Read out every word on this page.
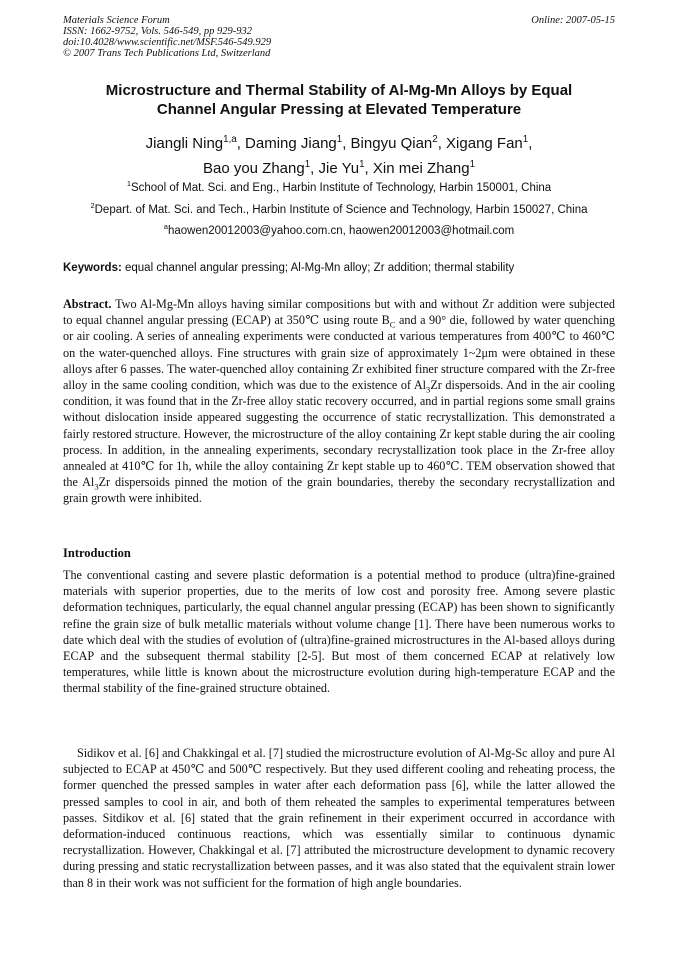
Materials Science Forum
ISSN: 1662-9752, Vols. 546-549, pp 929-932
doi:10.4028/www.scientific.net/MSF.546-549.929
© 2007 Trans Tech Publications Ltd, Switzerland
Online: 2007-05-15
Microstructure and Thermal Stability of Al-Mg-Mn Alloys by Equal
Channel Angular Pressing at Elevated Temperature
Jiangli Ning$^{1,a}$, Daming Jiang$^1$, Bingyu Qian$^2$, Xigang Fan$^1$,
Bao you Zhang$^1$, Jie Yu$^1$, Xin mei Zhang$^1$
$^1$School of Mat. Sci. and Eng., Harbin Institute of Technology, Harbin 150001, China
$^2$Depart. of Mat. Sci. and Tech., Harbin Institute of Science and Technology, Harbin 150027, China
$^a$haowen20012003@yahoo.com.cn, haowen20012003@hotmail.com
Keywords: equal channel angular pressing; Al-Mg-Mn alloy; Zr addition; thermal stability
Abstract. Two Al-Mg-Mn alloys having similar compositions but with and without Zr addition were subjected to equal channel angular pressing (ECAP) at 350℃ using route $B_C$ and a 90° die, followed by water quenching or air cooling. A series of annealing experiments were conducted at various temperatures from 400℃ to 460℃ on the water-quenched alloys. Fine structures with grain size of approximately 1~2μm were obtained in these alloys after 6 passes. The water-quenched alloy containing Zr exhibited finer structure compared with the Zr-free alloy in the same cooling condition, which was due to the existence of $Al_3Zr$ dispersoids. And in the air cooling condition, it was found that in the Zr-free alloy static recovery occurred, and in partial regions some small grains without dislocation inside appeared suggesting the occurrence of static recrystallization. This demonstrated a fairly restored structure. However, the microstructure of the alloy containing Zr kept stable during the air cooling process. In addition, in the annealing experiments, secondary recrystallization took place in the Zr-free alloy annealed at 410℃ for 1h, while the alloy containing Zr kept stable up to 460℃. TEM observation showed that the $Al_3Zr$ dispersoids pinned the motion of the grain boundaries, thereby the secondary recrystallization and grain growth were inhibited.
Introduction
The conventional casting and severe plastic deformation is a potential method to produce (ultra)fine-grained materials with superior properties, due to the merits of low cost and porosity free. Among severe plastic deformation techniques, particularly, the equal channel angular pressing (ECAP) has been shown to significantly refine the grain size of bulk metallic materials without volume change [1]. There have been numerous works to date which deal with the studies of evolution of (ultra)fine-grained microstructures in the Al-based alloys during ECAP and the subsequent thermal stability [2-5]. But most of them concerned ECAP at relatively low temperatures, while little is known about the microstructure evolution during high-temperature ECAP and the thermal stability of the fine-grained structure obtained.
Sidikov et al. [6] and Chakkingal et al. [7] studied the microstructure evolution of Al-Mg-Sc alloy and pure Al subjected to ECAP at 450℃ and 500℃ respectively. But they used different cooling and reheating process, the former quenched the pressed samples in water after each deformation pass [6], while the latter allowed the pressed samples to cool in air, and both of them reheated the samples to experimental temperatures between passes. Sitdikov et al. [6] stated that the grain refinement in their experiment occurred in accordance with deformation-induced continuous reactions, which was essentially similar to continuous dynamic recrystallization. However, Chakkingal et al. [7] attributed the microstructure development to dynamic recovery during pressing and static recrystallization between passes, and it was also stated that the equivalent strain lower than 8 in their work was not sufficient for the formation of high angle boundaries.
